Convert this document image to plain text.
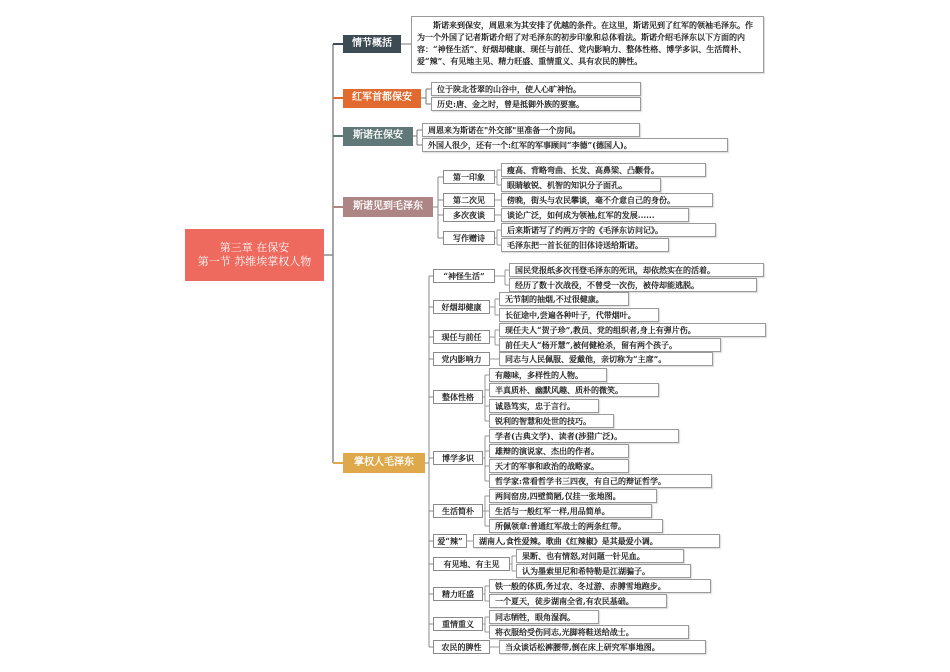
第三章 在保安
第一节 苏维埃掌权人物
情节概括
斯诺来到保安，周恩来为其安排了优越的条件。在这里，斯诺见到了红军的领袖毛泽东。作为一个外国了记者斯诺介绍了对毛泽东的初步印象和总体看法。斯诺介绍毛泽东以下方面的内容：“神怪生活”、好烟却健康、现任与前任、党内影响力、整体性格、博学多识、生活简朴、爱“辣”、有见地主见、精力旺盛、重情重义、具有农民的脾性。
红军首都保安
位于陕北苍翠的山谷中，使人心旷神怡。
历史:唐、金之时，曾是抵御外族的要塞。
斯诺在保安
周恩来为斯诺在"外交部"里准备一个房间。
外国人很少，还有一个:红军的军事顾问“李德”(德国人)。
斯诺见到毛泽东
第一印象
瘦高、背略弯曲、长发、高鼻梁、凸颧骨。
眼睛敏锐、机智的知识分子面孔。
第二次见	傍晚，街头与农民攀谈，毫不介意自己的身份。
多次夜谈	谈论广泛，如何成为领袖,红军的发展......
写作赠诗
后来斯诺写了约两万字的《毛泽东访问记》。
毛泽东把一首长征的旧体诗送给斯诺。
掌权人毛泽东
“神怪生活”
国民党报纸多次刊登毛泽东的死讯，却依然实在的活着。
经历了数十次战役，不曾受一次伤，被侍却能逃脱。
好烟却健康
无节制的抽烟,不过很健康。
长征途中,尝遍各种叶子，代带烟叶。
现任与前任
现任夫人“贺子珍”,教员、党的组织者,身上有弹片伤。
前任夫人“杨开慧”,被何健枪杀，留有两个孩子。
党内影响力	同志与人民佩服、爱戴他，亲切称为“主席”。
整体性格
有趣味，多样性的人物。
半真质朴、幽默风趣、质朴的微笑。
诚恳笃实，忠于言行。
锐利的智慧和处世的技巧。
博学多识
学者(古典文学)、读者(涉猎广泛)。
雄辩的演说家、杰出的作者。
天才的军事和政治的战略家。
哲学家:常看哲学书三四夜，有自己的辩证哲学。
生活简朴
两间窑房,四壁简陋,仅挂一张地图。
生活与一般红军一样,用品简单。
所佩领章:普通红军战士的两条红带。
爱“辣”	湖南人,食性爱辣。歌曲《红辣椒》是其最爱小调。
有见地、有主见
果断、也有情怒,对问题一针见血。
认为墨索里尼和希特勒是江湖骗子。
精力旺盛
铁一般的体质,务过农、冬过游、赤膊雪地跑步。
一个夏天，徒步湖南全省,有农民基础。
重情重义
同志牺牲，眼角湿润。
将衣服给受伤同志,光脚将鞋送给战士。
农民的脾性	当众谈话松裤腰带,倒在床上研究军事地图。
